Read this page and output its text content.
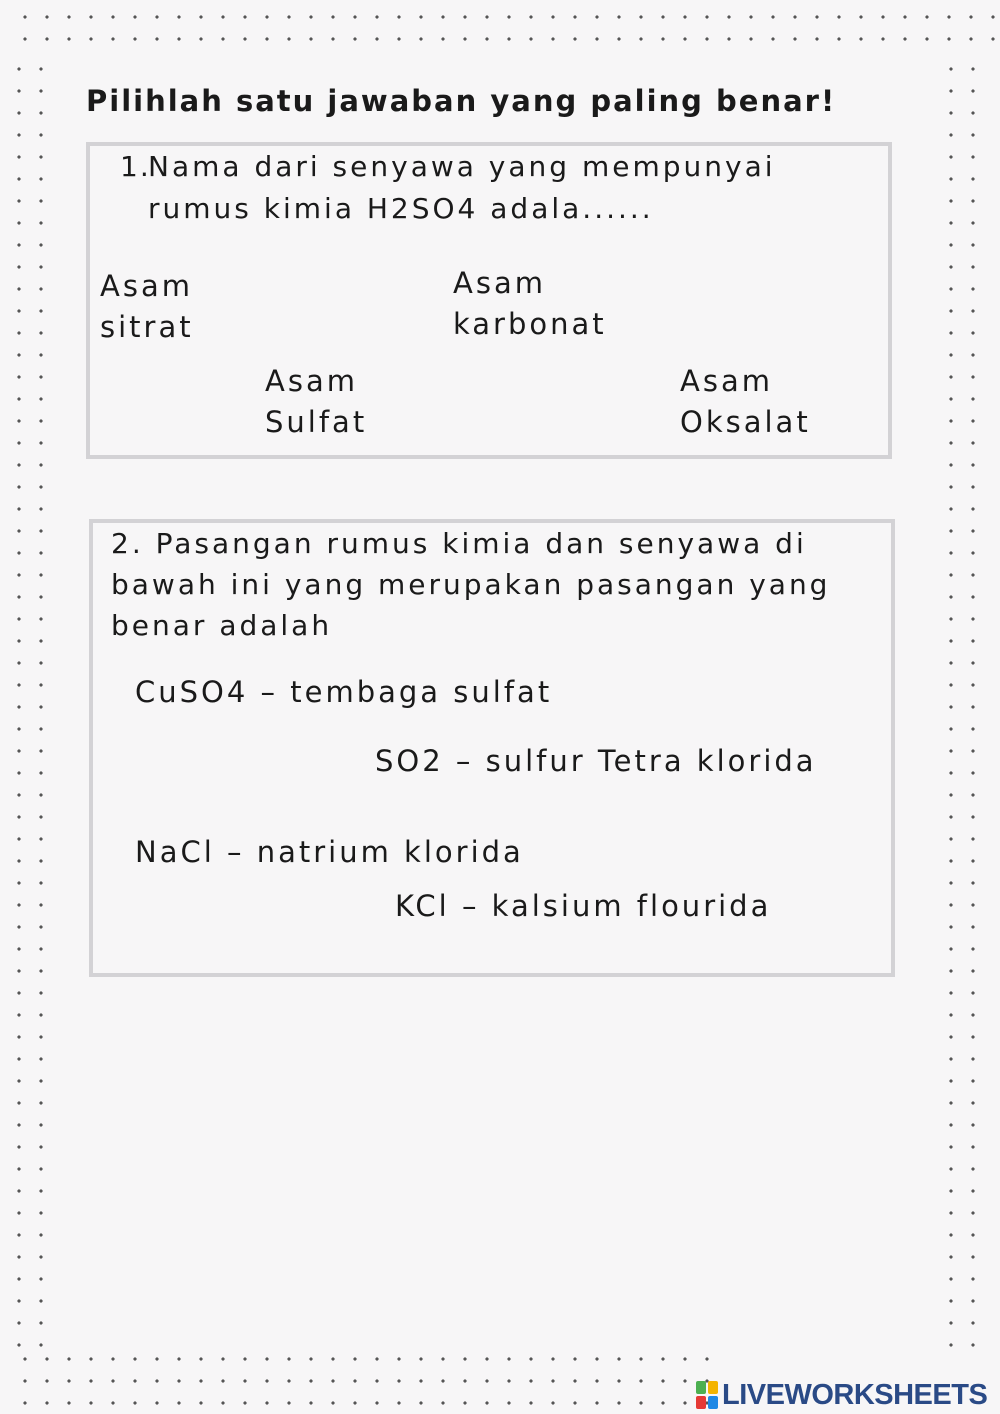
Pilihlah satu jawaban yang paling benar!
1.
Nama dari senyawa yang mempunyai
rumus kimia H2SO4 adala......
Asam
sitrat
Asam
karbonat
Asam
Sulfat
Asam
Oksalat
2. Pasangan rumus kimia dan senyawa di
bawah ini yang merupakan pasangan yang
benar adalah
CuSO4 – tembaga sulfat
SO2 – sulfur Tetra klorida
NaCl – natrium klorida
KCl – kalsium flourida
LIVEWORKSHEETS
